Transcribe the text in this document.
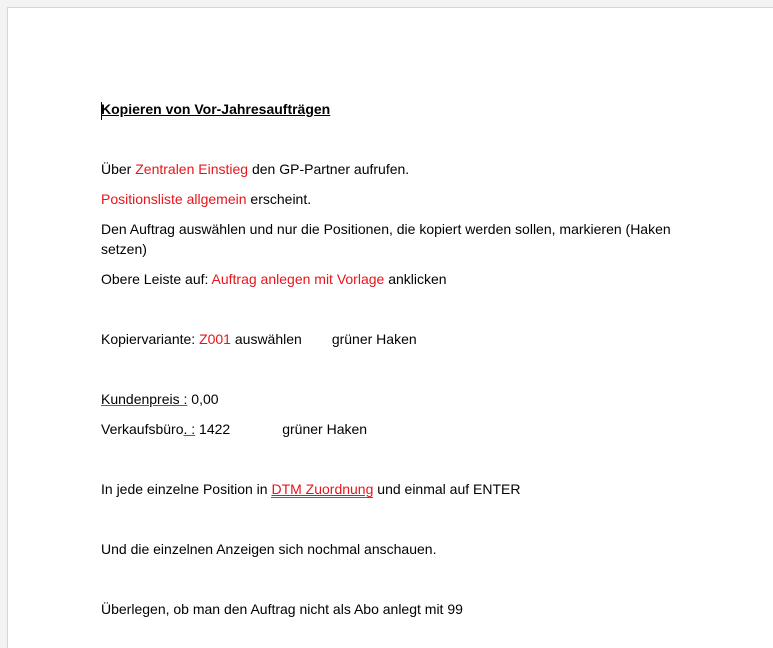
Kopieren von Vor-Jahresaufträgen
Über Zentralen Einstieg den GP-Partner aufrufen.
Positionsliste allgemein erscheint.
Den Auftrag auswählen und nur die Positionen, die kopiert werden sollen, markieren (Haken setzen)
Obere Leiste auf: Auftrag anlegen mit Vorlage anklicken
Kopiervariante: Z001 auswählen grüner Haken
Kundenpreis : 0,00
Verkaufsbüro. : 1422	grüner Haken
In jede einzelne Position in DTM Zuordnung und einmal auf ENTER
Und die einzelnen Anzeigen sich nochmal anschauen.
Überlegen, ob man den Auftrag nicht als Abo anlegt mit 99
